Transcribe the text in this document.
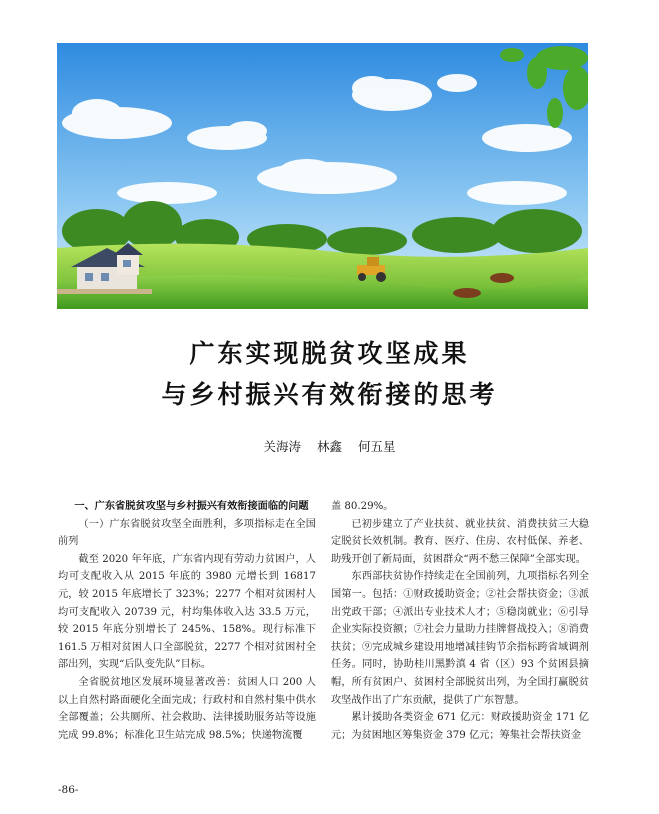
广东实现脱贫攻坚成果
与乡村振兴有效衔接的思考
关海涛 林鑫 何五星

一、广东省脱贫攻坚与乡村振兴有效衔接面临的问题

（一）广东省脱贫攻坚全面胜利，多项指标走在全国前列

截至 2020 年年底，广东省内现有劳动力贫困户，人均可支配收入从 2015 年底的 3980 元增长到 16817 元，较 2015 年底增长了 323%；2277 个相对贫困村人均可支配收入 20739 元，村均集体收入达 33.5 万元，较 2015 年底分别增长了 245%、158%。现行标准下 161.5 万相对贫困人口全部脱贫，2277 个相对贫困村全部出列，实现“后队变先队”目标。

全省脱贫地区发展环境显著改善：贫困人口 200 人以上自然村路面硬化全面完成；行政村和自然村集中供水全部覆盖；公共厕所、社会救助、法律援助服务站等设施完成 99.8%；标准化卫生站完成 98.5%；快递物流覆

盖 80.29%。

已初步建立了产业扶贫、就业扶贫、消费扶贫三大稳定脱贫长效机制。教育、医疗、住房、农村低保、养老、助残开创了新局面，贫困群众“两不愁三保障”全部实现。

东西部扶贫协作持续走在全国前列，九项指标名列全国第一。包括：①财政援助资金；②社会帮扶资金；③派出党政干部；④派出专业技术人才；⑤稳岗就业；⑥引导企业实际投资额；⑦社会力量助力挂牌督战投入；⑧消费扶贫；⑨完成城乡建设用地增减挂钩节余指标跨省域调剂任务。同时，协助桂川黑黔滇 4 省（区）93 个贫困县摘帽，所有贫困户、贫困村全部脱贫出列，为全国打赢脱贫攻坚战作出了广东贡献，提供了广东智慧。

累计援助各类资金 671 亿元：财政援助资金 171 亿元；为贫困地区筹集资金 379 亿元；筹集社会帮扶资金

-86-
